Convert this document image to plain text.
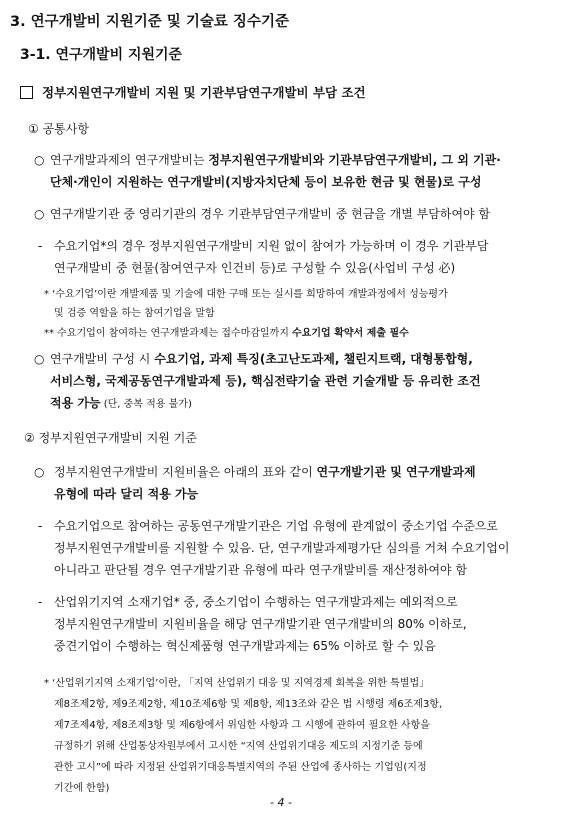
3. 연구개발비 지원기준 및 기술료 징수기준
3-1. 연구개발비 지원기준
정부지원연구개발비 지원 및 기관부담연구개발비 부담 조건
① 공통사항
○ 연구개발과제의 연구개발비는 정부지원연구개발비와 기관부담연구개발비, 그 외 기관·
단체·개인이 지원하는 연구개발비(지방자치단체 등이 보유한 현금 및 현물)로 구성
○ 연구개발기관 중 영리기관의 경우 기관부담연구개발비 중 현금을 개별 부담하여야 함
- 수요기업*의 경우 정부지원연구개발비 지원 없이 참여가 가능하며 이 경우 기관부담
연구개발비 중 현물(참여연구자 인건비 등)로 구성할 수 있음(사업비 구성 必)
* ‘수요기업’이란 개발제품 및 기술에 대한 구매 또는 실시를 희망하여 개발과정에서 성능평가
및 검증 역할을 하는 참여기업을 말함
** 수요기업이 참여하는 연구개발과제는 접수마감일까지 수요기업 확약서 제출 필수
○ 연구개발비 구성 시 수요기업, 과제 특징(초고난도과제, 챌린지트랙, 대형통합형,
서비스형, 국제공동연구개발과제 등), 핵심전략기술 관련 기술개발 등 유리한 조건
적용 가능 (단, 중복 적용 불가)
② 정부지원연구개발비 지원 기준
○ 정부지원연구개발비 지원비율은 아래의 표와 같이 연구개발기관 및 연구개발과제
유형에 따라 달리 적용 가능
- 수요기업으로 참여하는 공동연구개발기관은 기업 유형에 관계없이 중소기업 수준으로
정부지원연구개발비를 지원할 수 있음. 단, 연구개발과제평가단 심의를 거쳐 수요기업이
아니라고 판단될 경우 연구개발기관 유형에 따라 연구개발비를 재산정하여야 함
- 산업위기지역 소재기업* 중, 중소기업이 수행하는 연구개발과제는 예외적으로
정부지원연구개발비 지원비율을 해당 연구개발기관 연구개발비의 80% 이하로,
중견기업이 수행하는 혁신제품형 연구개발과제는 65% 이하로 할 수 있음
* ‘산업위기지역 소재기업’이란, 「지역 산업위기 대응 및 지역경제 회복을 위한 특별법」
제8조제2항, 제9조제2항, 제10조제6항 및 제8항, 제13조와 같은 법 시행령 제6조제3항,
제7조제4항, 제8조제3항 및 제6항에서 위임한 사항과 그 시행에 관하여 필요한 사항을
규정하기 위해 산업통상자원부에서 고시한 “지역 산업위기대응 제도의 지정기준 등에
관한 고시”에 따라 지정된 산업위기대응특별지역의 주된 산업에 종사하는 기업임(지정
기간에 한함)
- 4 -
